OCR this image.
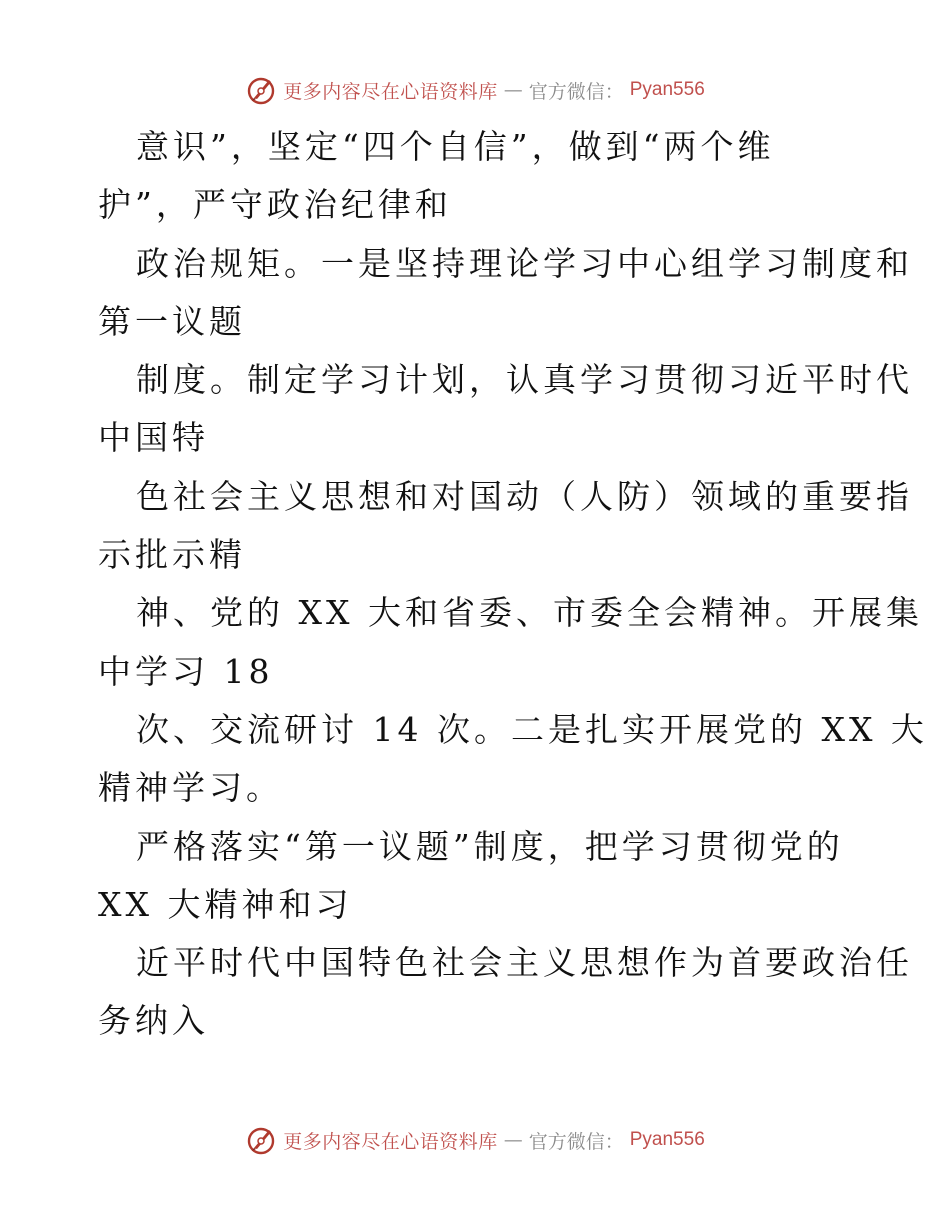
更多内容尽在心语资料库 — 官方微信： Pyan556
意识”，坚定“四个自信”，做到“两个维
护”，严守政治纪律和
政治规矩。一是坚持理论学习中心组学习制度和
第一议题
制度。制定学习计划，认真学习贯彻习近平时代
中国特
色社会主义思想和对国动（人防）领域的重要指
示批示精
神、党的 XX 大和省委、市委全会精神。开展集
中学习 18
次、交流研讨 14 次。二是扎实开展党的 XX 大
精神学习。
严格落实“第一议题”制度，把学习贯彻党的
XX 大精神和习
近平时代中国特色社会主义思想作为首要政治任
务纳入
更多内容尽在心语资料库 — 官方微信： Pyan556
